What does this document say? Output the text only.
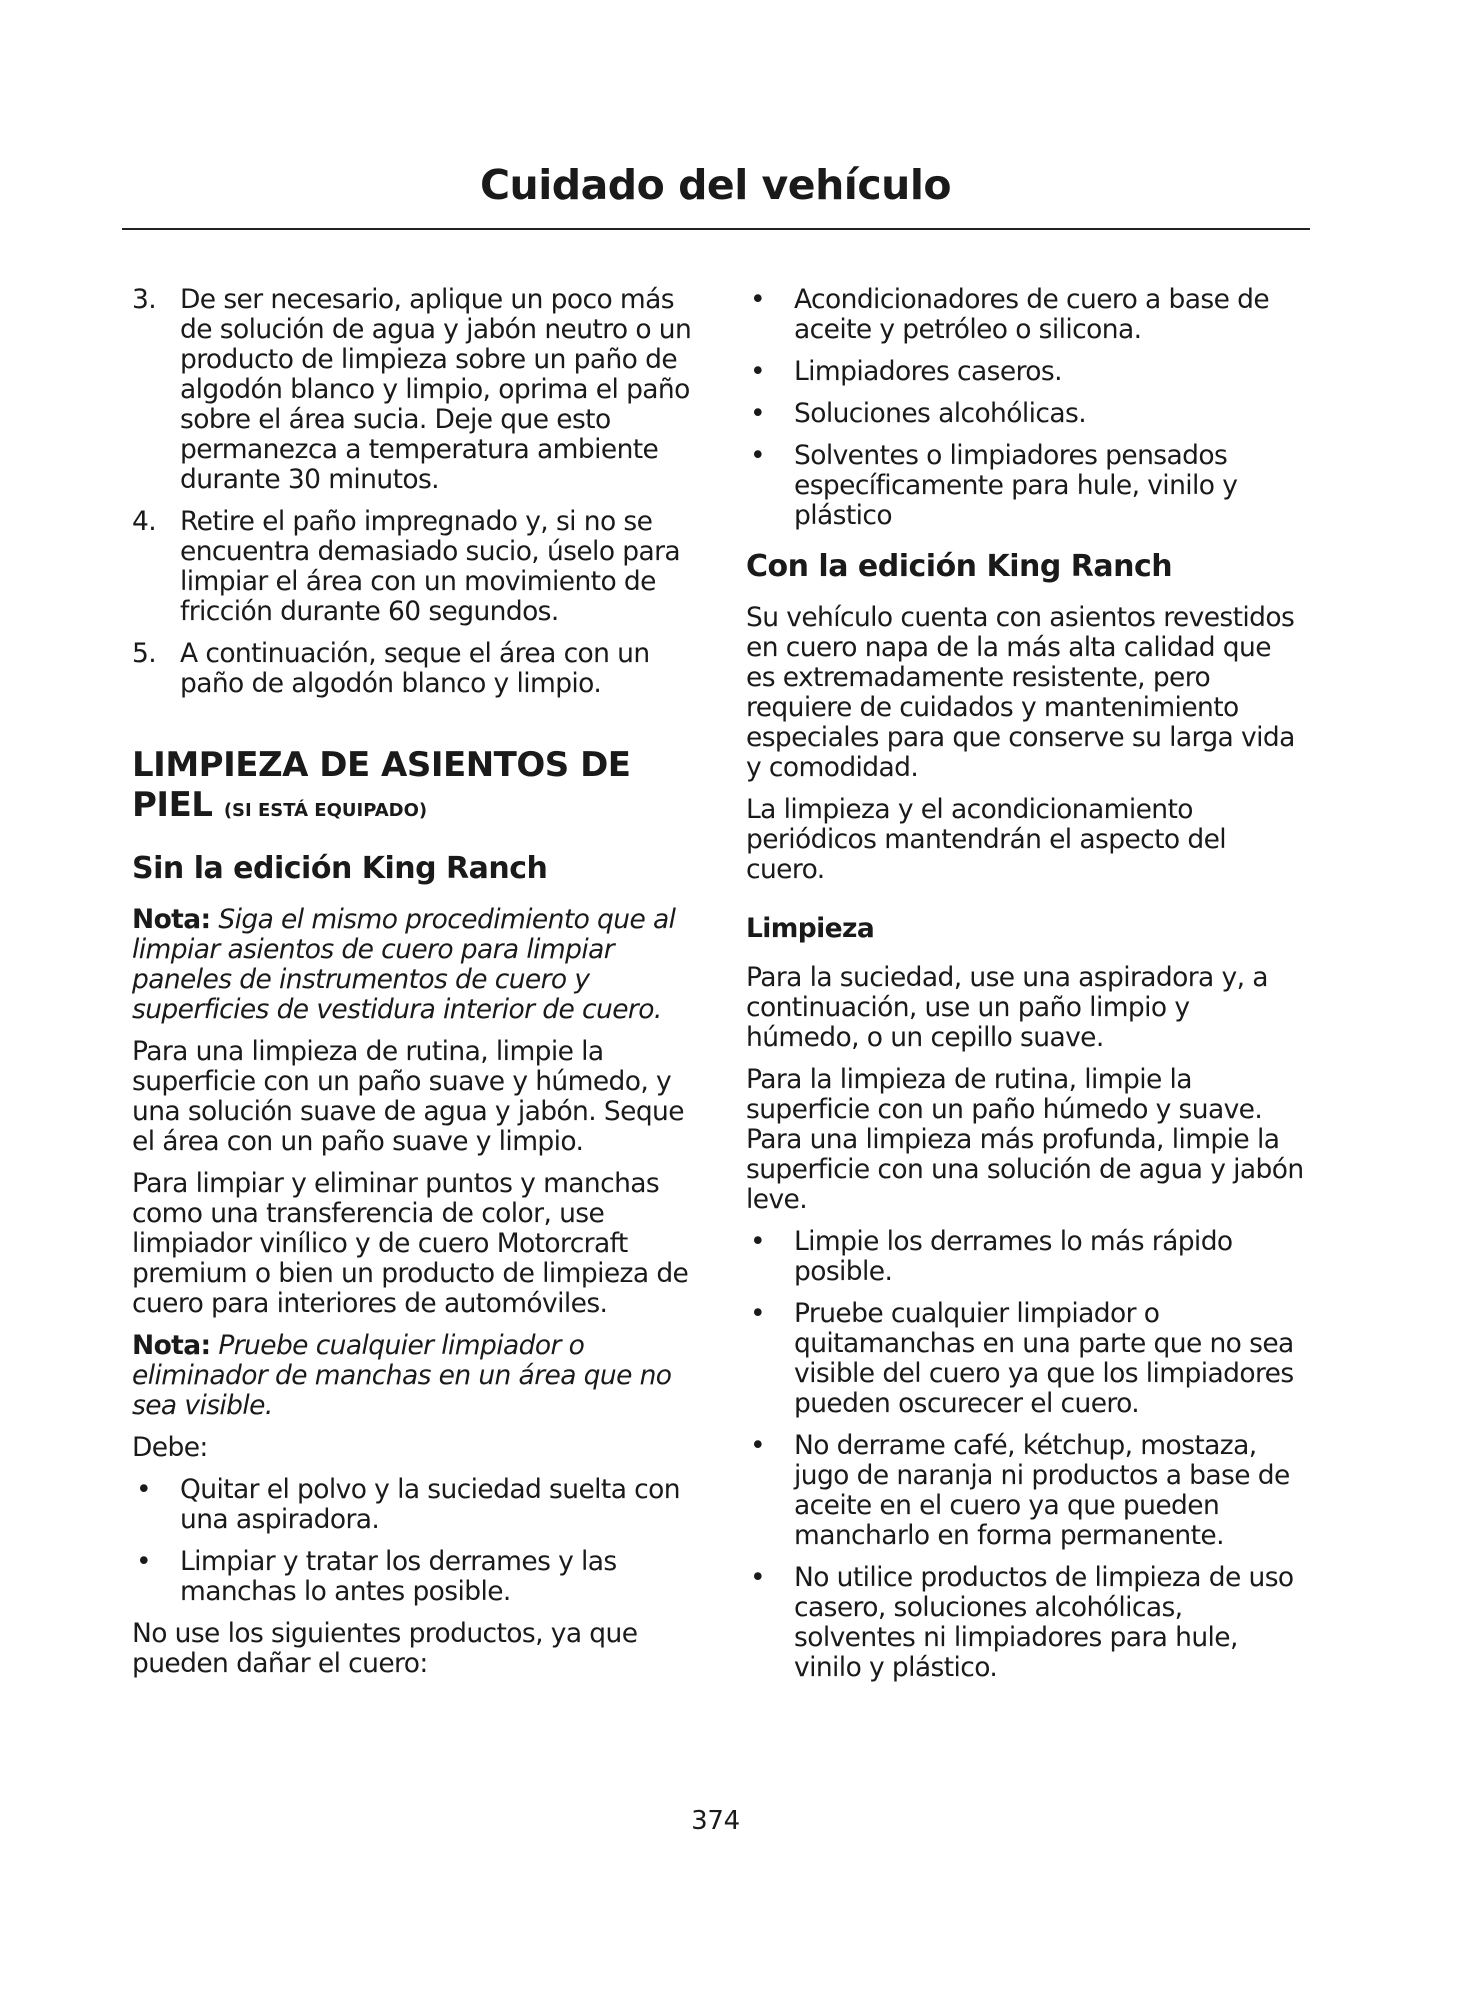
Cuidado del vehículo
3. De ser necesario, aplique un poco más de solución de agua y jabón neutro o un producto de limpieza sobre un paño de algodón blanco y limpio, oprima el paño sobre el área sucia. Deje que esto permanezca a temperatura ambiente durante 30 minutos.
4. Retire el paño impregnado y, si no se encuentra demasiado sucio, úselo para limpiar el área con un movimiento de fricción durante 60 segundos.
5. A continuación, seque el área con un paño de algodón blanco y limpio.
LIMPIEZA DE ASIENTOS DE PIEL (SI ESTÁ EQUIPADO)
Sin la edición King Ranch

Nota: Siga el mismo procedimiento que al limpiar asientos de cuero para limpiar paneles de instrumentos de cuero y superficies de vestidura interior de cuero.

Para una limpieza de rutina, limpie la superficie con un paño suave y húmedo, y una solución suave de agua y jabón. Seque el área con un paño suave y limpio.

Para limpiar y eliminar puntos y manchas como una transferencia de color, use limpiador vinílico y de cuero Motorcraft premium o bien un producto de limpieza de cuero para interiores de automóviles.

Nota: Pruebe cualquier limpiador o eliminador de manchas en un área que no sea visible.

Debe:

• Quitar el polvo y la suciedad suelta con una aspiradora.
• Limpiar y tratar los derrames y las manchas lo antes posible.

No use los siguientes productos, ya que pueden dañar el cuero:

• Acondicionadores de cuero a base de aceite y petróleo o silicona.
• Limpiadores caseros.
• Soluciones alcohólicas.
• Solventes o limpiadores pensados específicamente para hule, vinilo y plástico
Con la edición King Ranch

Su vehículo cuenta con asientos revestidos en cuero napa de la más alta calidad que es extremadamente resistente, pero requiere de cuidados y mantenimiento especiales para que conserve su larga vida y comodidad.

La limpieza y el acondicionamiento periódicos mantendrán el aspecto del cuero.

Limpieza

Para la suciedad, use una aspiradora y, a continuación, use un paño limpio y húmedo, o un cepillo suave.

Para la limpieza de rutina, limpie la superficie con un paño húmedo y suave. Para una limpieza más profunda, limpie la superficie con una solución de agua y jabón leve.

• Limpie los derrames lo más rápido posible.
• Pruebe cualquier limpiador o quitamanchas en una parte que no sea visible del cuero ya que los limpiadores pueden oscurecer el cuero.
• No derrame café, kétchup, mostaza, jugo de naranja ni productos a base de aceite en el cuero ya que pueden mancharlo en forma permanente.
• No utilice productos de limpieza de uso casero, soluciones alcohólicas, solventes ni limpiadores para hule, vinilo y plástico.
374
